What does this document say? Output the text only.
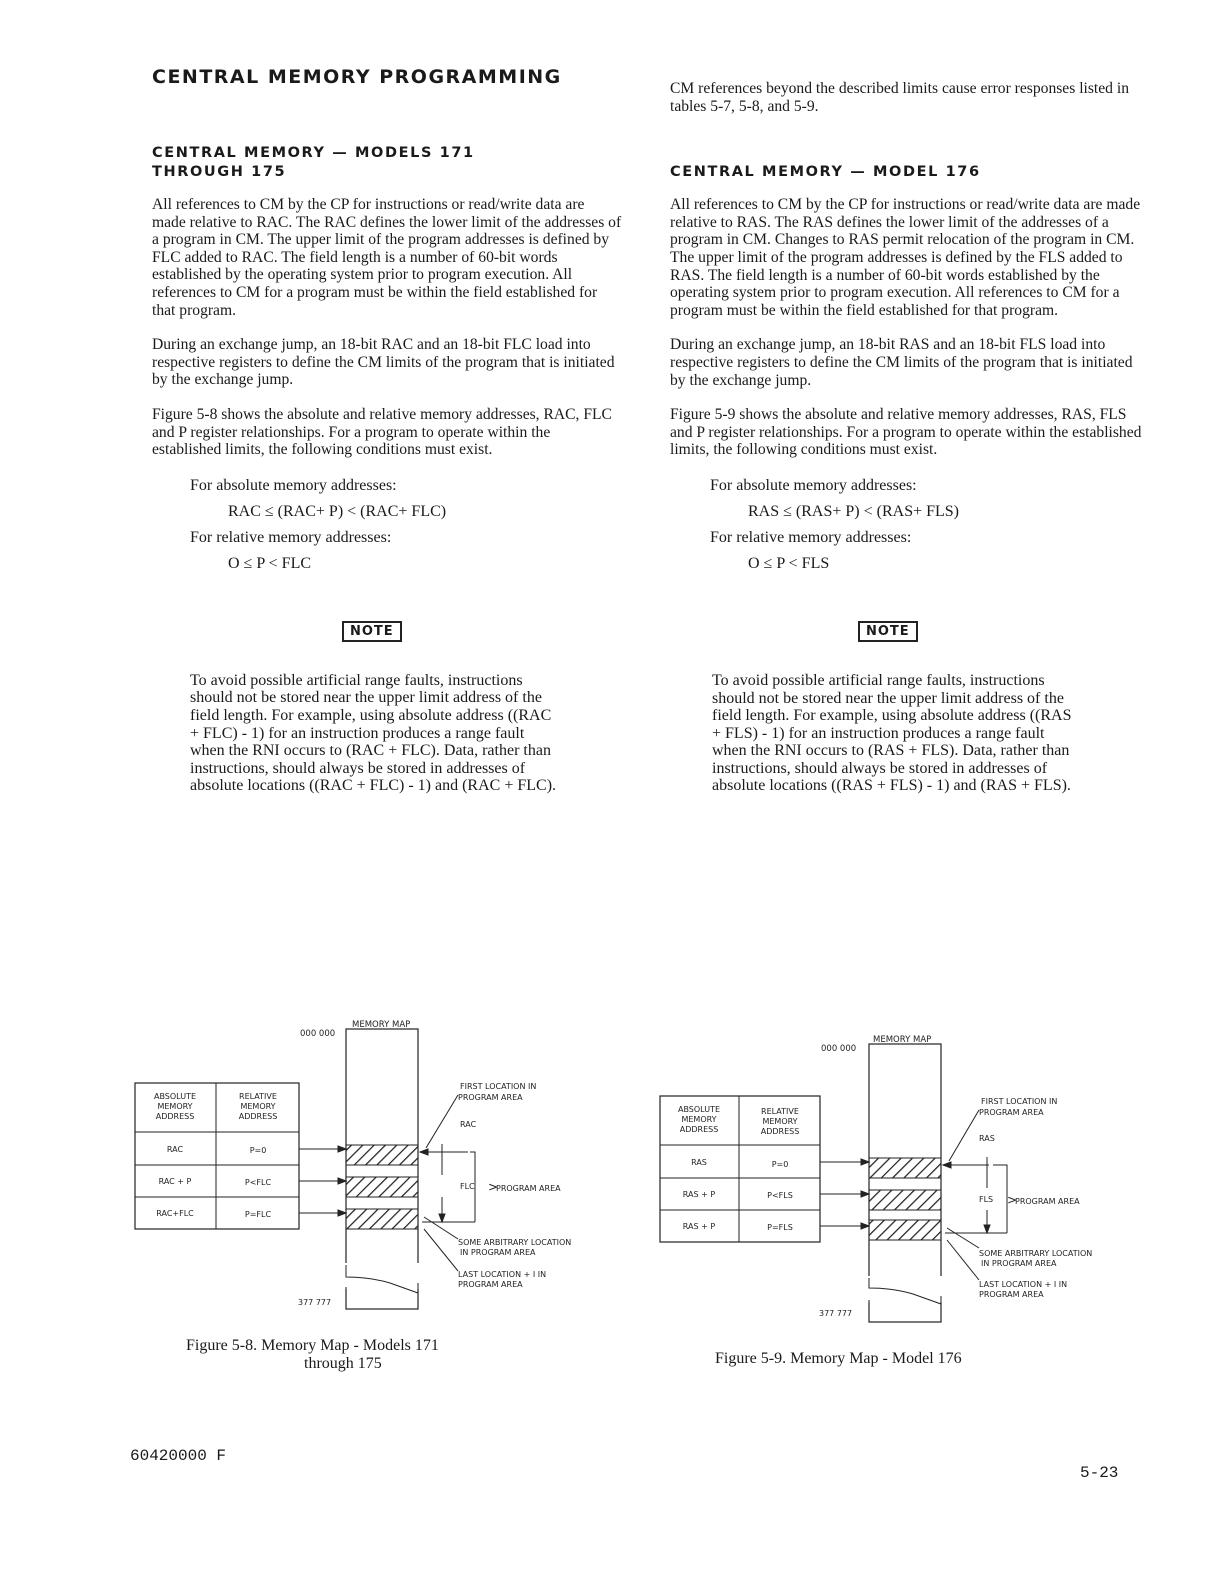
CENTRAL MEMORY PROGRAMMING
CENTRAL MEMORY — MODELS 171
THROUGH 175

All references to CM by the CP for instructions or read/write data are made relative to RAC. The RAC defines the lower limit of the addresses of a program in CM. The upper limit of the program addresses is defined by FLC added to RAC. The field length is a number of 60-bit words established by the operating system prior to program execution. All references to CM for a program must be within the field established for that program.

During an exchange jump, an 18-bit RAC and an 18-bit FLC load into respective registers to define the CM limits of the program that is initiated by the exchange jump.

Figure 5-8 shows the absolute and relative memory addresses, RAC, FLC and P register relationships. For a program to operate within the established limits, the following conditions must exist.

For absolute memory addresses:
RAC ≤ (RAC+ P) < (RAC+ FLC)
For relative memory addresses:
O ≤ P < FLC
NOTE

To avoid possible artificial range faults, instructions should not be stored near the upper limit address of the field length. For example, using absolute address ((RAC + FLC) - 1) for an instruction produces a range fault when the RNI occurs to (RAC + FLC). Data, rather than instructions, should always be stored in addresses of absolute locations ((RAC + FLC) - 1) and (RAC + FLC).

CM references beyond the described limits cause error responses listed in tables 5-7, 5-8, and 5-9.

CENTRAL MEMORY — MODEL 176

All references to CM by the CP for instructions or read/write data are made relative to RAS. The RAS defines the lower limit of the addresses of a program in CM. Changes to RAS permit relocation of the program in CM. The upper limit of the program addresses is defined by the FLS added to RAS. The field length is a number of 60-bit words established by the operating system prior to program execution. All references to CM for a program must be within the field established for that program.

During an exchange jump, an 18-bit RAS and an 18-bit FLS load into respective registers to define the CM limits of the program that is initiated by the exchange jump.

Figure 5-9 shows the absolute and relative memory addresses, RAS, FLS and P register relationships. For a program to operate within the established limits, the following conditions must exist.

For absolute memory addresses:
RAS ≤ (RAS+ P) < (RAS+ FLS)
For relative memory addresses:
O ≤ P < FLS
NOTE

To avoid possible artificial range faults, instructions should not be stored near the upper limit address of the field length. For example, using absolute address ((RAS + FLS) - 1) for an instruction produces a range fault when the RNI occurs to (RAS + FLS). Data, rather than instructions, should always be stored in addresses of absolute locations ((RAS + FLS) - 1) and (RAS + FLS).

MEMORY MAP
000 000
377 777
ABSOLUTE
MEMORY
ADDRESS
RELATIVE
MEMORY
ADDRESS
RAC	P=0
RAC + P	P<FLC
RAC+FLC	P=FLC
FIRST LOCATION IN
PROGRAM AREA
RAC
FLC >
PROGRAM AREA
SOME ARBITRARY LOCATION
IN PROGRAM AREA
LAST LOCATION + I IN
PROGRAM AREA
Figure 5-8. Memory Map - Models 171
through 175
MEMORY MAP
000 000
377 777
ABSOLUTE
MEMORY
ADDRESS
RELATIVE
MEMORY
ADDRESS
RAS	P=0
RAS + P	P<FLS
RAS + P	P=FLS
FIRST LOCATION IN
PROGRAM AREA
RAS
FLS >
PROGRAM AREA
SOME ARBITRARY LOCATION
IN PROGRAM AREA
LAST LOCATION + I IN
PROGRAM AREA
Figure 5-9. Memory Map - Model 176
60420000 F
5-23
